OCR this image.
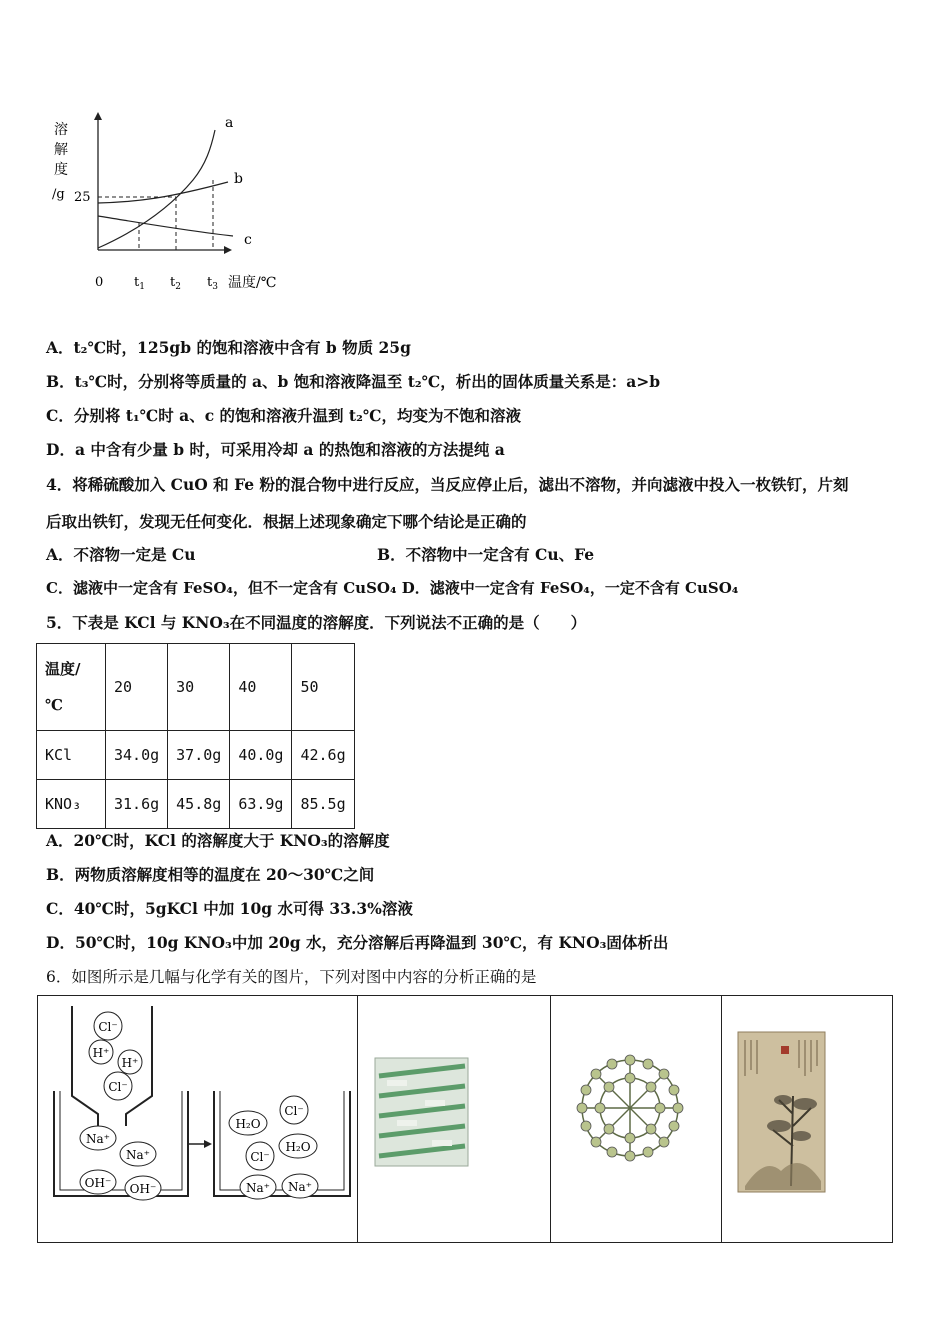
溶
解
度
/g 25
0 $t_1$ $t_2$ $t_3$ 温度/℃
a
b
c
A．t₂℃时，125gb 的饱和溶液中含有 b 物质 25g
B．t₃℃时，分别将等质量的 a、b 饱和溶液降温至 t₂℃，析出的固体质量关系是：a>b
C．分别将 t₁℃时 a、c 的饱和溶液升温到 t₂℃，均变为不饱和溶液
D．a 中含有少量 b 时，可采用冷却 a 的热饱和溶液的方法提纯 a
4．将稀硫酸加入 CuO 和 Fe 粉的混合物中进行反应，当反应停止后，滤出不溶物，并向滤液中投入一枚铁钉，片刻
后取出铁钉，发现无任何变化．根据上述现象确定下哪个结论是正确的
A．不溶物一定是 Cu	B．不溶物中一定含有 Cu、Fe
C．滤液中一定含有 FeSO₄，但不一定含有 CuSO₄ D．滤液中一定含有 FeSO₄，一定不含有 CuSO₄
5．下表是 KCl 与 KNO₃在不同温度的溶解度．下列说法不正确的是（　　）
温度/
℃	20	30	40	50
KCl	34.0g	37.0g	40.0g	42.6g
KNO₃	31.6g	45.8g	63.9g	85.5g
A．20℃时，KCl 的溶解度大于 KNO₃的溶解度
B．两物质溶解度相等的温度在 20～30℃之间
C．40℃时，5gKCl 中加 10g 水可得 33.3%溶液
D．50℃时，10g KNO₃中加 20g 水，充分溶解后再降温到 30℃，有 KNO₃固体析出
6．如图所示是几幅与化学有关的图片，下列对图中内容的分析正确的是
Cl⁻
H⁺
H⁺
Cl⁻
Na⁺
Na⁺
OH⁻ OH⁻
H₂O
Cl⁻
H₂O
Cl⁻
Na⁺ Na⁺
